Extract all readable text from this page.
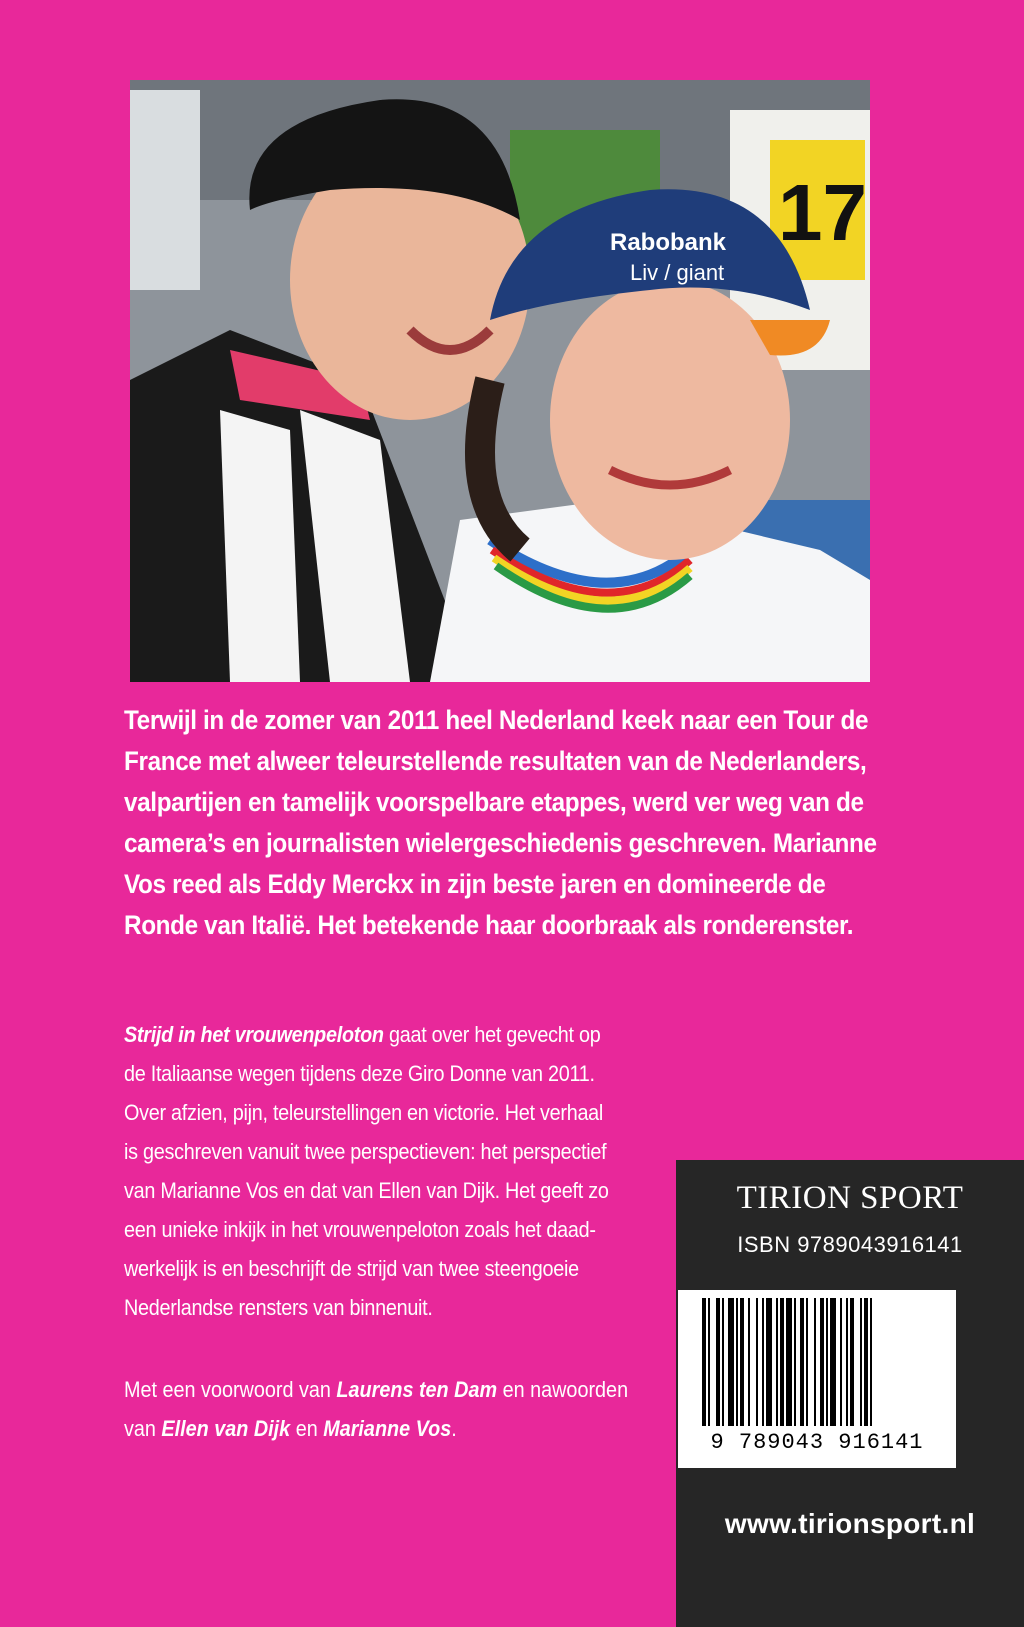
17
Rabobank
Liv / giant

Terwijl in de zomer van 2011 heel Nederland keek naar een Tour de

France met alweer teleurstellende resultaten van de Nederlanders,

valpartijen en tamelijk voorspelbare etappes, werd ver weg van de

camera’s en journalisten wielergeschiedenis geschreven. Marianne

Vos reed als Eddy Merckx in zijn beste jaren en domineerde de

Ronde van Italië. Het betekende haar doorbraak als ronderenster.

Strijd in het vrouwenpeloton gaat over het gevecht op

de Italiaanse wegen tijdens deze Giro Donne van 2011.

Over afzien, pijn, teleurstellingen en victorie. Het verhaal

is geschreven vanuit twee perspectieven: het perspectief

van Marianne Vos en dat van Ellen van Dijk. Het geeft zo

een unieke inkijk in het vrouwenpeloton zoals het daad-

werkelijk is en beschrijft de strijd van twee steengoeie

Nederlandse rensters van binnenuit.

Met een voorwoord van Laurens ten Dam en nawoorden

van Ellen van Dijk en Marianne Vos.

TIRION SPORT
ISBN 9789043916141
9 789043 916141
www.tirionsport.nl
